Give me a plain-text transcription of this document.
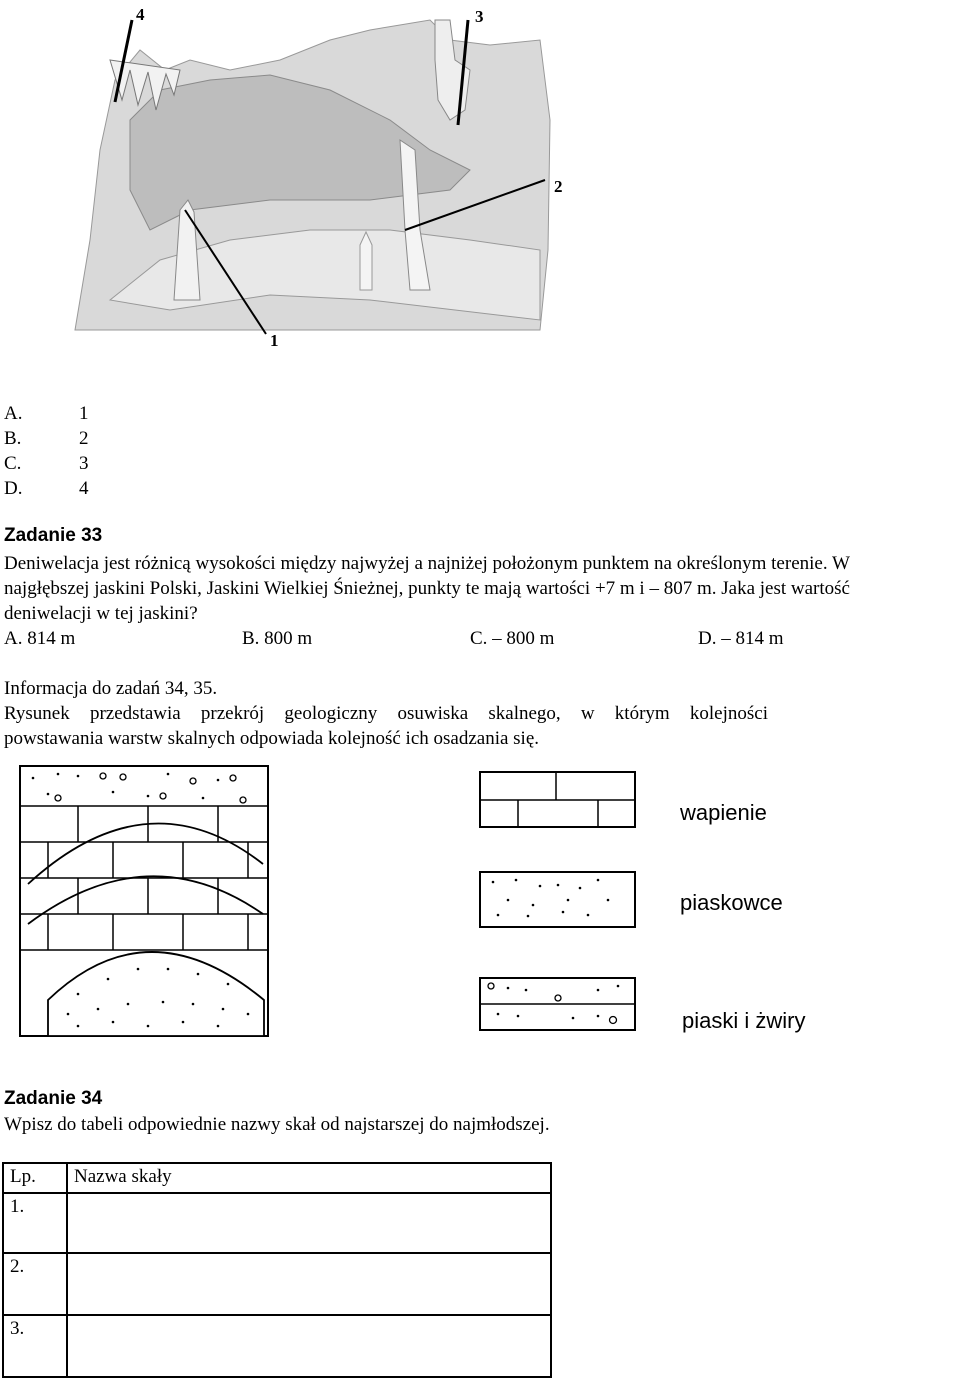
4	3
2
1
A.	1
B.	2
C.	3
D.	4
Zadanie 33
Deniwelacja jest różnicą wysokości między najwyżej a najniżej położonym punktem na określonym terenie. W
najgłębszej jaskini Polski, Jaskini Wielkiej Śnieżnej, punkty te mają wartości +7 m i – 807 m. Jaka jest wartość
deniwelacji w tej jaskini?
A. 814 m	B. 800 m	C. – 800 m	D. – 814 m
Informacja do zadań 34, 35.
Rysunek przedstawia przekrój geologiczny osuwiska skalnego, w którym kolejności
powstawania warstw skalnych odpowiada kolejność ich osadzania się.
wapienie
piaskowce
piaski i żwiry
Zadanie 34
Wpisz do tabeli odpowiednie nazwy skał od najstarszej do najmłodszej.
Lp.	Nazwa skały
1.	
2.	
3.	
